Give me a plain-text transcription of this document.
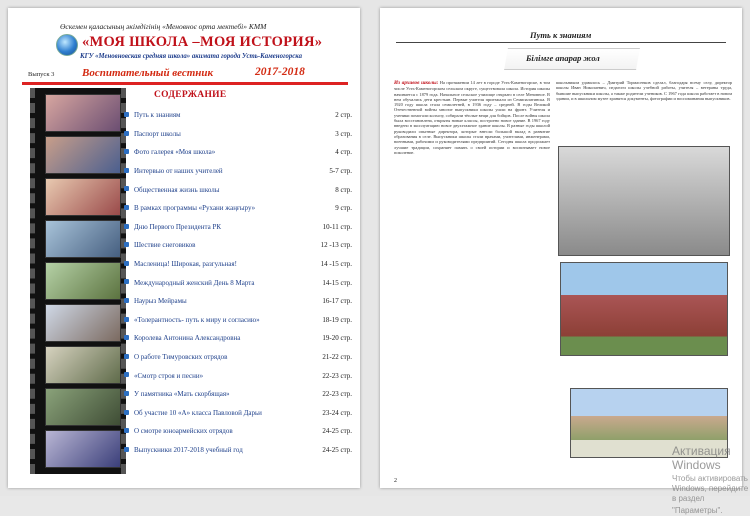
Өскемен қаласының әкімдігінің «Меновноє орта мектебі» КММ
«МОЯ ШКОЛА –МОЯ ИСТОРИЯ»
КГУ «Меновновская средняя школа» акимата города Усть-Каменогорска
Выпуск 3	Воспитательный вестник	2017-2018
СОДЕРЖАНИЕ
Путь к знаниям	2 стр.
Паспорт школы	3 стр.
Фото галерея «Моя школа»	4 стр.
Интервью от наших учителей	5-7 стр.
Общественная жизнь школы	8 стр.
В рамках программы «Рухани жаңғыру»	9 стр.
Дню Первого Президента РК	10-11 стр.
Шествие снеговиков	12 -13 стр.
Масленица! Широкая, разгульная!	14 -15 стр.
Международный женский День 8 Марта	14-15 стр.
Наурыз Мейрамы	16-17 стр.
«Толерантность- путь к миру и согласию»	18-19 стр.
Королева Антонина Александровна	19-20 стр.
О работе Тимуровских отрядов	21-22 стр.
«Смотр строя и песни»	22-23 стр.
У памятника «Мать скорбящая»	22-23 стр.
Об участие 10 «А» класса Павловой Дарьи	23-24 стр.
О смотре юноармейских отрядов	24-25 стр.
Выпускники 2017-2018 учебный год	24-25 стр.
Путь к знаниям
Білімге апарар жол
Из архивов школы: На протяжении 14 лет в городе Усть-Каменогорске, в том числе Усть-Каменогорском сельском округе, существовала школа. История школы начинается с 1879 года. Начальное сельское училище открыто в селе Меновное. В нем обучались дети крестьян. Первые учителя приезжали из Семипалатинска. В 1920 году школа стала семилетней, в 1936 году – средней. В годы Великой Отечественной войны многие выпускники школы ушли на фронт. Учителя и ученики помогали колхозу, собирали тёплые вещи для бойцов. После войны школа была восстановлена, открыты новые классы, построено новое здание. В 1967 году введено в эксплуатацию новое двухэтажное здание школы. В разные годы школой руководили опытные директора, которые внесли большой вклад в развитие образования в селе. Выпускники школы стали врачами, учителями, инженерами, военными, рабочими и руководителями предприятий. Сегодня школа продолжает лучшие традиции, сохраняет память о своей истории и воспитывает новое поколение.
школьником удавалось – Дмитрий Тормасенков сделал, благодаря всему селу, директор школы Иван Николаевич, педагоги школы учебной работы, учителя – ветераны труда, бывшие выпускники школы, а также родители учеников. С 1967 года школа работает в новом здании, и в школьном музее хранятся документы, фотографии и воспоминания выпускников.
2
Активация Windows
Чтобы активировать Windows, перейдите в раздел
"Параметры".
